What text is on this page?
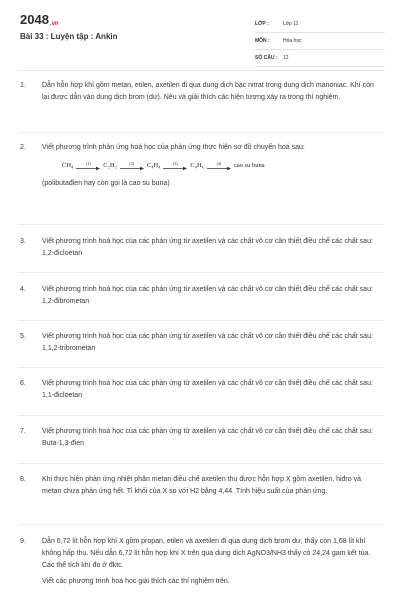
2048.vn
Bài 33 : Luyện tập : Ankin
LỚP :	Lớp 11
MÔN :	Hóa học
SỐ CÂU :	12
1.	Dẫn hỗn hợp khí gồm metan, etilen, axetilen đi qua dung dịch bạc nitrat trong dung dịch manoniac. Khí còn lại được dẫn vào dung dịch brom (dư). Nêu và giải thích các hiện tượng xảy ra trong thí nghiệm.

2.	Viết phương trình phản ứng hoá học của phản ứng thực hiện sơ đồ chuyển hoá sau:

CH₄	(1) C₂H₂	(2) C₄H₄	(3) C₄H₆	(4) cao su buna

(polibutađien hay còn gọi là cao su buna)

3.	Viết phương trình hoá học của các phản ứng từ axetilen và các chất vô cơ cần thiết điều chế các chất sau: 1,2-đicloetan

4.	Viết phương trình hoá học của các phản ứng từ axetilen và các chất vô cơ cần thiết điều chế các chất sau: 1,2-đibrometan

5.	Viết phương trình hoá học của các phản ứng từ axetilen và các chất vô cơ cần thiết điều chế các chất sau: 1,1,2-tribrometan

6.	Viết phương trình hoá học của các phản ứng từ axetilen và các chất vô cơ cần thiết điều chế các chất sau: 1,1-đicloetan

7.	Viết phương trình hoá học của các phản ứng từ axetilen và các chất vô cơ cần thiết điều chế các chất sau: Buta-1,3-đien

8.	Khi thực hiện phản ứng nhiệt phân metan điều chế axetilen thu được hỗn hợp X gồm axetilen, hiđro và metan chưa phản ứng hết. Tỉ khối của X so với H2 bằng 4,44. Tính hiệu suất của phản ứng.

9.	Dẫn 6,72 lít hỗn hợp khí X gồm propan, etilen và axetilen đi qua dung dịch brom dư, thấy còn 1,68 lít khí không hấp thụ. Nếu dẫn 6,72 lít hỗn hợp khí X trên qua dung dịch AgNO3/NH3 thấy có 24,24 gam kết tủa. Các thể tích khí đo ở đktc.

Viết các phương trình hoá học giải thích các thí nghiệm trên.
